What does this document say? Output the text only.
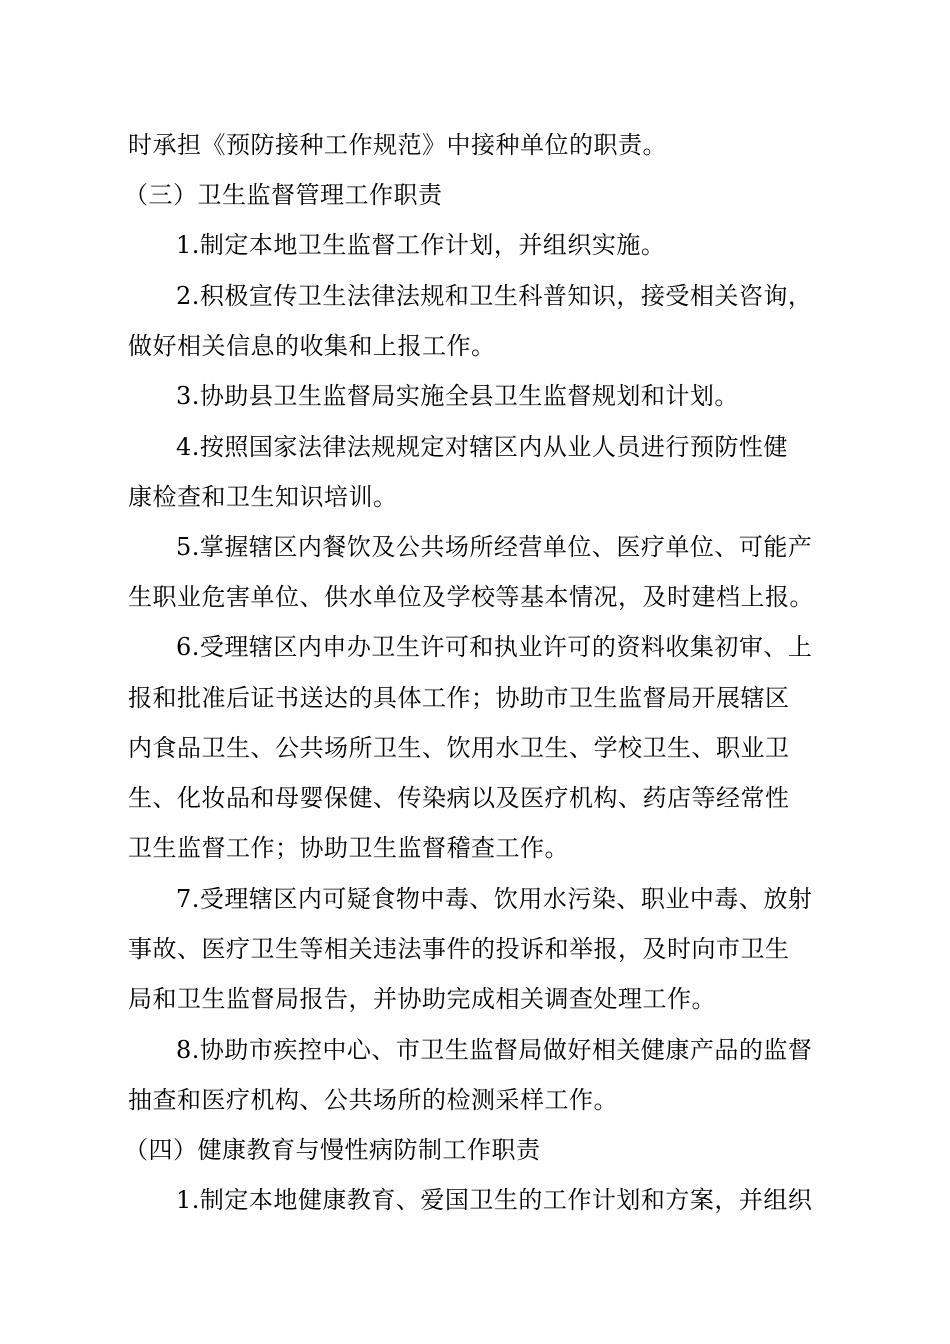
时承担《预防接种工作规范》中接种单位的职责。
（三）卫生监督管理工作职责
1.制定本地卫生监督工作计划，并组织实施。
2.积极宣传卫生法律法规和卫生科普知识，接受相关咨询，
做好相关信息的收集和上报工作。
3.协助县卫生监督局实施全县卫生监督规划和计划。
4.按照国家法律法规规定对辖区内从业人员进行预防性健
康检查和卫生知识培训。
5.掌握辖区内餐饮及公共场所经营单位、医疗单位、可能产
生职业危害单位、供水单位及学校等基本情况，及时建档上报。
6.受理辖区内申办卫生许可和执业许可的资料收集初审、上
报和批准后证书送达的具体工作；协助市卫生监督局开展辖区
内食品卫生、公共场所卫生、饮用水卫生、学校卫生、职业卫
生、化妆品和母婴保健、传染病以及医疗机构、药店等经常性
卫生监督工作；协助卫生监督稽查工作。
7.受理辖区内可疑食物中毒、饮用水污染、职业中毒、放射
事故、医疗卫生等相关违法事件的投诉和举报，及时向市卫生
局和卫生监督局报告，并协助完成相关调查处理工作。
8.协助市疾控中心、市卫生监督局做好相关健康产品的监督
抽查和医疗机构、公共场所的检测采样工作。
（四）健康教育与慢性病防制工作职责
1.制定本地健康教育、爱国卫生的工作计划和方案，并组织
